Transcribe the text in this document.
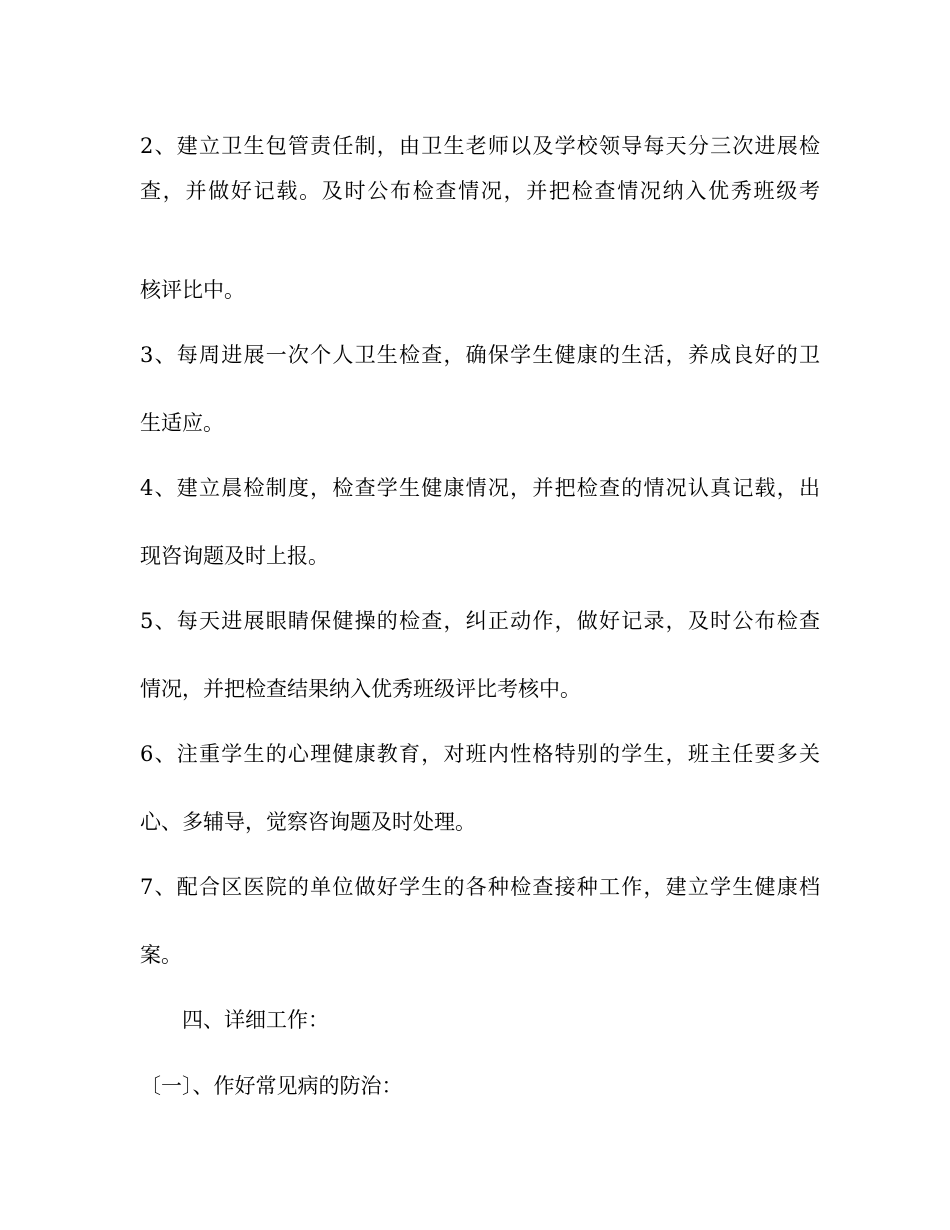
2、建立卫生包管责任制，由卫生老师以及学校领导每天分三次进展检
查，并做好记载。及时公布检查情况，并把检查情况纳入优秀班级考
核评比中。
3、每周进展一次个人卫生检查，确保学生健康的生活，养成良好的卫
生适应。
4、建立晨检制度，检查学生健康情况，并把检查的情况认真记载，出
现咨询题及时上报。
5、每天进展眼睛保健操的检查，纠正动作，做好记录，及时公布检查
情况，并把检查结果纳入优秀班级评比考核中。
6、注重学生的心理健康教育，对班内性格特别的学生，班主任要多关
心、多辅导，觉察咨询题及时处理。
7、配合区医院的单位做好学生的各种检查接种工作，建立学生健康档
案。
四、详细工作：
〔一〕、作好常见病的防治：
